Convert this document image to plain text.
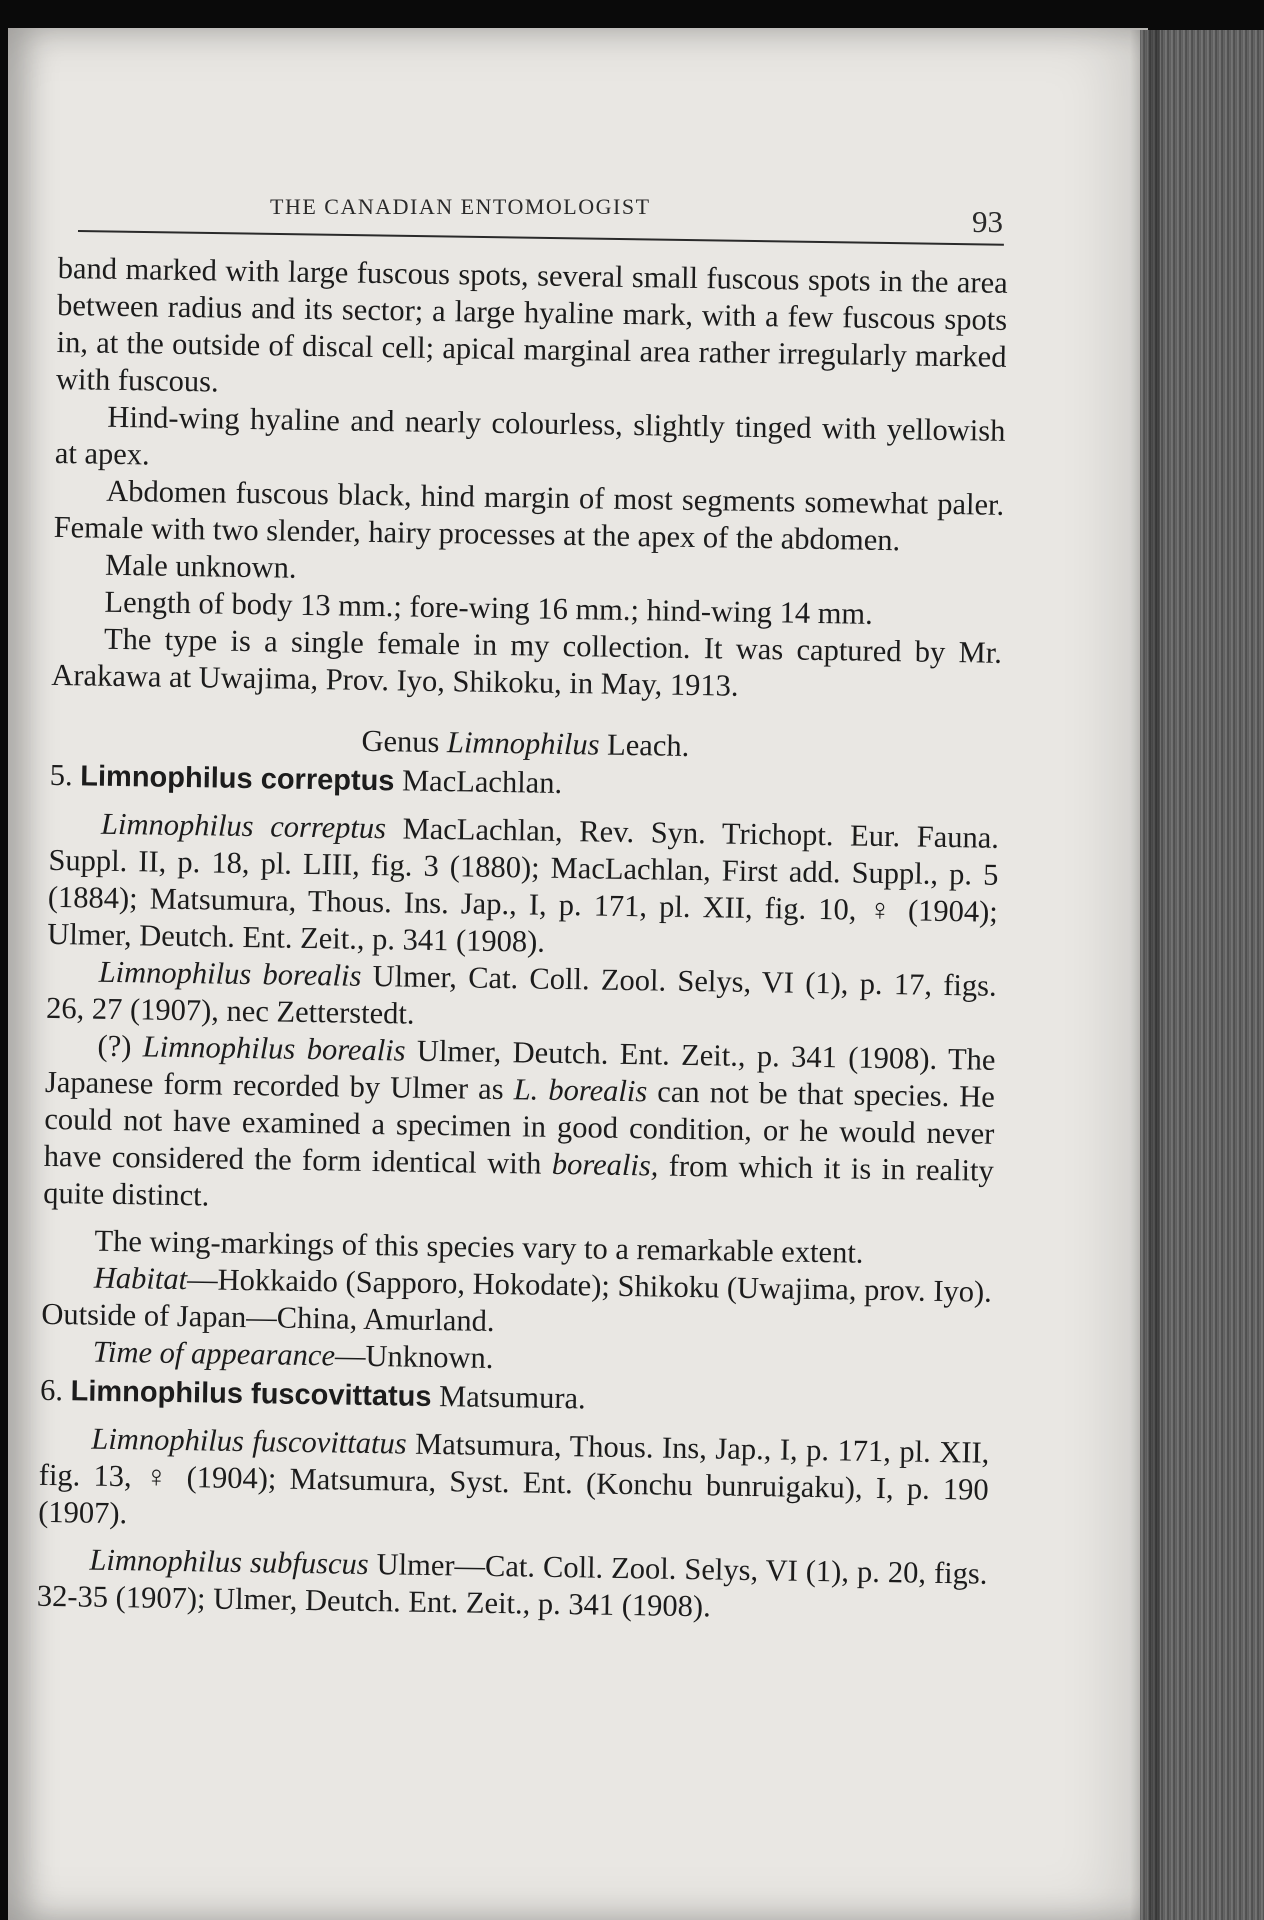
THE CANADIAN ENTOMOLOGIST	93

band marked with large fuscous spots, several small fuscous spots in the area between radius and its sector; a large hyaline mark, with a few fuscous spots in, at the outside of discal cell; apical marginal area rather irregularly marked with fuscous.

Hind-wing hyaline and nearly colourless, slightly tinged with yellowish at apex.

Abdomen fuscous black, hind margin of most segments somewhat paler. Female with two slender, hairy processes at the apex of the abdomen.

Male unknown.

Length of body 13 mm.; fore-wing 16 mm.; hind-wing 14 mm.

The type is a single female in my collection. It was captured by Mr. Arakawa at Uwajima, Prov. Iyo, Shikoku, in May, 1913.

Genus Limnophilus Leach.

5. Limnophilus correptus MacLachlan.

Limnophilus correptus MacLachlan, Rev. Syn. Trichopt. Eur. Fauna. Suppl. II, p. 18, pl. LIII, fig. 3 (1880); MacLachlan, First add. Suppl., p. 5 (1884); Matsumura, Thous. Ins. Jap., I, p. 171, pl. XII, fig. 10, ♀ (1904); Ulmer, Deutch. Ent. Zeit., p. 341 (1908).

Limnophilus borealis Ulmer, Cat. Coll. Zool. Selys, VI (1), p. 17, figs. 26, 27 (1907), nec Zetterstedt.

(?) Limnophilus borealis Ulmer, Deutch. Ent. Zeit., p. 341 (1908). The Japanese form recorded by Ulmer as L. borealis can not be that species. He could not have examined a specimen in good condition, or he would never have considered the form identical with borealis, from which it is in reality quite distinct.

The wing-markings of this species vary to a remarkable extent.

Habitat—Hokkaido (Sapporo, Hokodate); Shikoku (Uwajima, prov. Iyo). Outside of Japan—China, Amurland.

Time of appearance—Unknown.

6. Limnophilus fuscovittatus Matsumura.

Limnophilus fuscovittatus Matsumura, Thous. Ins, Jap., I, p. 171, pl. XII, fig. 13, ♀ (1904); Matsumura, Syst. Ent. (Konchu bunruigaku), I, p. 190 (1907).

Limnophilus subfuscus Ulmer—Cat. Coll. Zool. Selys, VI (1), p. 20, figs. 32-35 (1907); Ulmer, Deutch. Ent. Zeit., p. 341 (1908).
